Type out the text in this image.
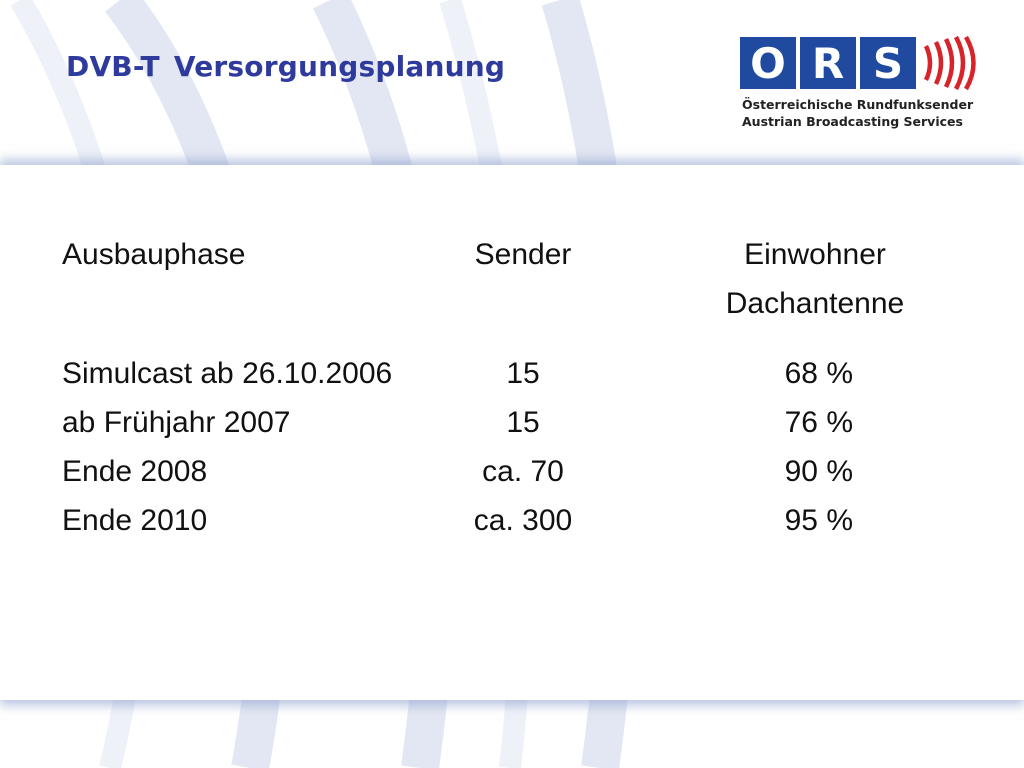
DVB-T Versorgungsplanung	O R S
Österreichische Rundfunksender
Austrian Broadcasting Services
Ausbauphase	Sender	Einwohner
Dachantenne
Simulcast ab 26.10.2006	15	68 %
ab Frühjahr 2007	15	76 %
Ende 2008	ca. 70	90 %
Ende 2010	ca. 300	95 %
